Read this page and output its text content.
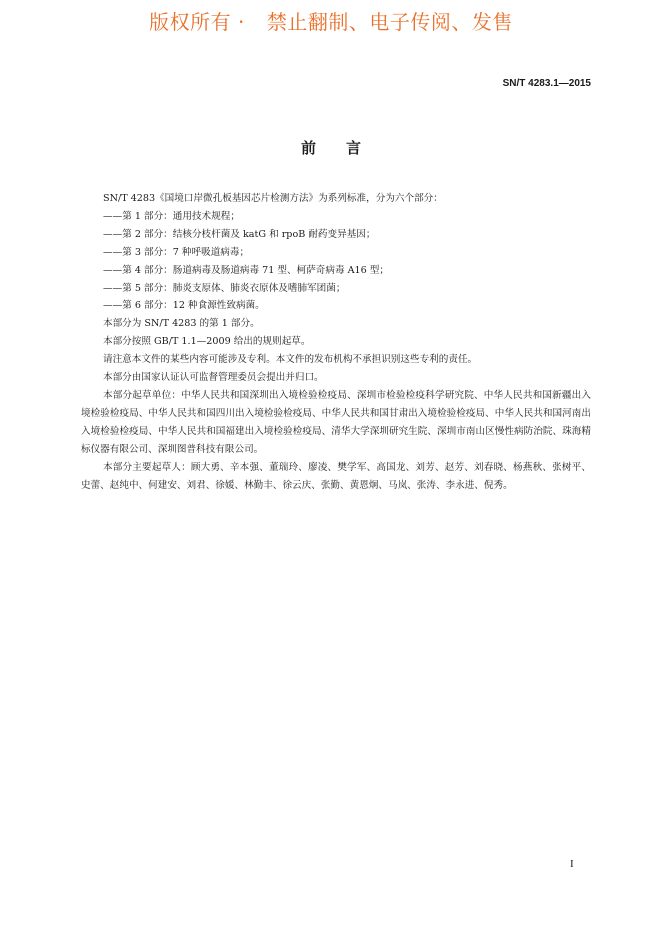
版权所有 · 禁止翻制、电子传阅、发售
SN/T 4283.1—2015
前言

SN/T 4283《国境口岸微孔板基因芯片检测方法》为系列标准，分为六个部分：

——第 1 部分：通用技术规程；

——第 2 部分：结核分枝杆菌及 katG 和 rpoB 耐药变异基因；

——第 3 部分：7 种呼吸道病毒；

——第 4 部分：肠道病毒及肠道病毒 71 型、柯萨奇病毒 A16 型；

——第 5 部分：肺炎支原体、肺炎衣原体及嗜肺军团菌；

——第 6 部分：12 种食源性致病菌。

本部分为 SN/T 4283 的第 1 部分。

本部分按照 GB/T 1.1—2009 给出的规则起草。

请注意本文件的某些内容可能涉及专利。本文件的发布机构不承担识别这些专利的责任。

本部分由国家认证认可监督管理委员会提出并归口。

本部分起草单位：中华人民共和国深圳出入境检验检疫局、深圳市检验检疫科学研究院、中华人民共和国新疆出入境检验检疫局、中华人民共和国四川出入境检验检疫局、中华人民共和国甘肃出入境检验检疫局、中华人民共和国河南出入境检验检疫局、中华人民共和国福建出入境检验检疫局、清华大学深圳研究生院、深圳市南山区慢性病防治院、珠海精标仪器有限公司、深圳图普科技有限公司。

本部分主要起草人：顾大勇、辛本强、董瑞玲、廖凌、樊学军、高国龙、刘芳、赵芳、刘春晓、杨燕秋、张树平、史蕾、赵纯中、何建安、刘君、徐媛、林勤丰、徐云庆、张勤、黄恩炯、马岚、张涛、李永进、倪秀。

I
